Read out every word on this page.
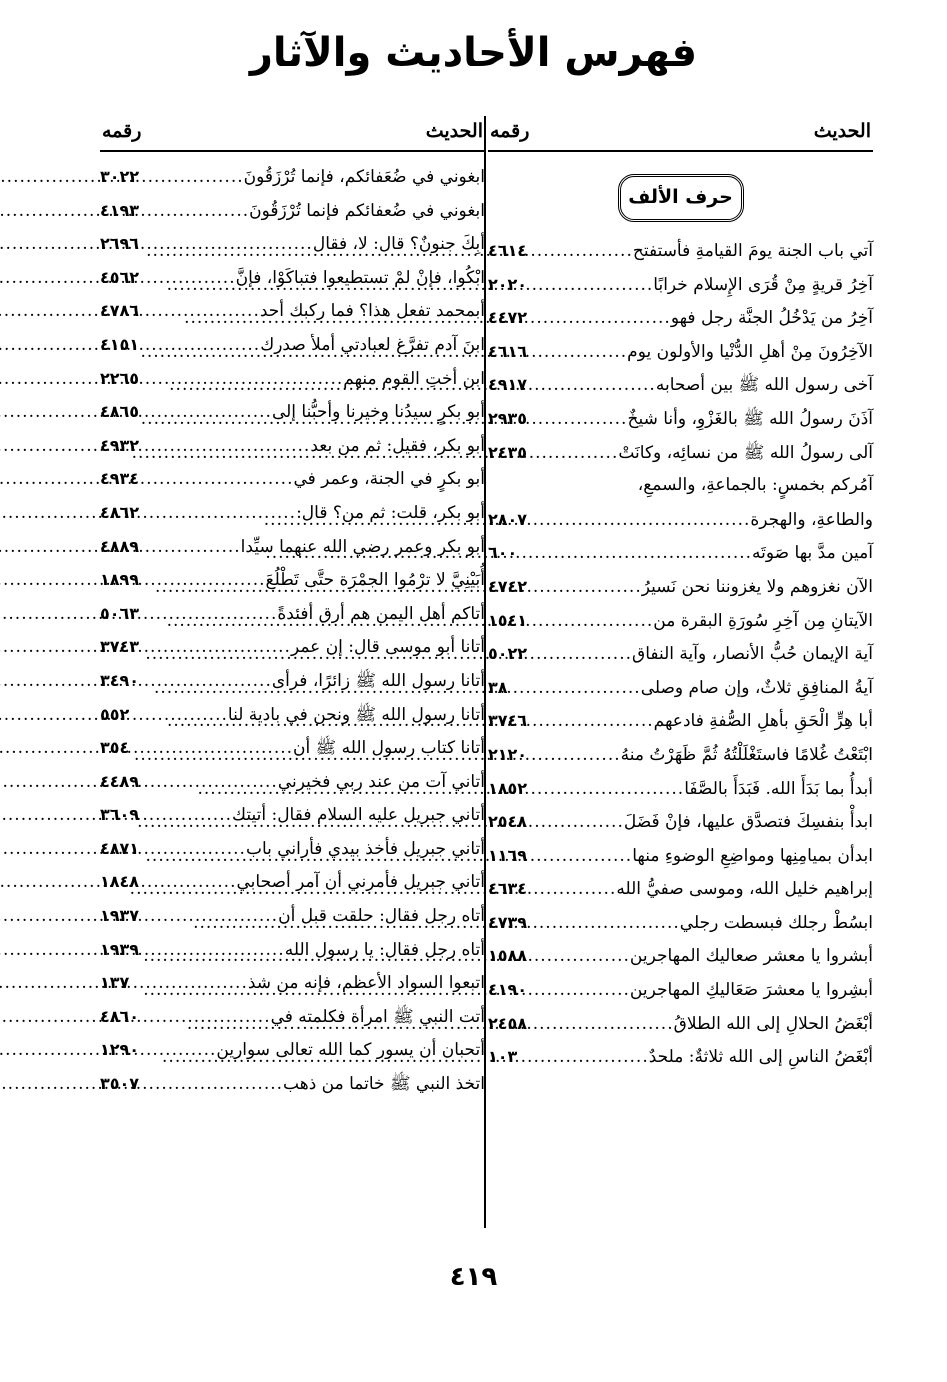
فهرس الأحاديث والآثار
الحديث
رقمه
حرف الألف
آتي باب الجنة يومَ القيامةِ فأستفتح
.....
٤٦١٤
آخِرُ قريةٍ مِنْ قُرَى الإِسلام خرابًا
.....
٢٠٢٠
آخِرُ من يَدْخُلُ الجنَّة رجل فهو
.....
٤٤٧٢
الآخِرُونَ مِنْ أهلِ الدُّنْيا والأولون يوم
.....
٤٦١٦
آخى رسول الله ﷺ بين أصحابه
.....
٤٩١٧
آذَنَ رسولُ الله ﷺ بالغَزْوِ، وأنا شيخٌ
.....
٢٩٣٥
آلى رسولُ الله ﷺ من نسائِه، وكانَتْ
.....
٢٤٣٥
آمُركم بخمسٍ: بالجماعةِ، والسمعِ،
والطاعةِ، والهجرة
.....
٢٨٠٧
آمين مدَّ بها صَوتَه
.....
٦٠٠
الآن نغزوهم ولا يغزوننا نحن نَسيرُ
.....
٤٧٤٢
الآيتانِ مِن آخِرِ سُورَةِ البقرة من
.....
١٥٤١
آية الإيمان حُبُّ الأنصار، وآية النفاق
.....
٥٠٢٢
آيةُ المنافِقِ ثلاثٌ، وإن صام وصلى
.....
٣٨
أبا هِرٍّ الْحَقِ بأهلِ الصُّفةِ فادعهم
.....
٣٧٤٦
ابْتَعْتُ غُلامًا فاستَغْلَلْتُهُ ثُمَّ ظَهَرْتُ منهُ
.....
٢١٢٠
أبدأُ بما بَدَأَ الله. فَبَدَأَ بالصَّفَا
.....
١٨٥٢
ابدأْ بنفسِكَ فتصدَّق عليها، فإنْ فَضَلَ
.....
٢٥٤٨
ابدأن بميامِنِها ومواضِعِ الوضوءِ منها
.....
١١٦٩
إبراهيم خليل الله، وموسى صفيُّ الله
.....
٤٦٣٤
ابسُطْ رجلك فبسطت رجلي
.....
٤٧٣٩
أبشروا يا معشر صعاليك المهاجرين
.....
١٥٨٨
أبشِروا يا معشرَ صَعَاليكِ المهاجرين
.....
٤١٩٠
أبْغَضُ الحلالِ إلى الله الطلاقُ
.....
٢٤٥٨
أبْغَضُ الناسِ إلى الله ثلاثةٌ: ملحدٌ
.....
١٠٣
الحديث
رقمه
ابغوني في ضُعَفائكم، فإنما تُرْزَقُونَ
.....
٣٠٢٢
ابغوني في ضُعفائكم فإنما تُرْزَقُونَ
.....
٤١٩٣
أبِكَ جنونٌ؟ قال: لا، فقال
.....
٢٦٩٦
ابْكُوا، فإنْ لمْ تستطيعوا فتباكَوْا، فإنَّ
.....
٤٥٦٢
أبمحمد تفعل هذا؟ فما ركبك أحد
.....
٤٧٨٦
ابنَ آدم تفرَّغ لعبادتي أملأ صدرك
.....
٤١٥١
ابن أختِ القوم منهم
.....
٢٢٦٥
أبو بكرٍ سيدُنا وخيرنا وأحبُّنا إلى
.....
٤٨٦٥
أبو بكر، فقيل: ثم من بعد
.....
٤٩٣٢
أبو بكرٍ في الجنة، وعمر في
.....
٤٩٣٤
أبو بكر، قلت: ثم من؟ قال:
.....
٤٨٦٢
أبو بكر وعمر رضي الله عنهما سيِّدا
.....
٤٨٨٩
أُبَيْنِيَّ لا ترْمُوا الجمْرَة حتَّى تَطْلُعَ
.....
١٨٩٩
أتاكم أهل اليمن هم أرق أفئدةً
.....
٥٠٦٣
أتانا أبو موسى قال: إن عمر
.....
٣٧٤٣
أتانا رسول الله ﷺ زائرًا، فرأى
.....
٣٤٩٠
أتانا رسول الله ﷺ ونحن في بادية لنا
.....
٥٥٢
أتانا كتاب رسول الله ﷺ أن
.....
٣٥٤
أتاني آت من عند ربي فخيرني
.....
٤٤٨٩
أتاني جبريل عليه السلام فقال: أتيتك
.....
٣٦٠٩
أتاني جبريل فأخذ بيدي فأراني باب
.....
٤٨٧١
أتاني جبريل فأمرني أن آمر أصحابي
.....
١٨٤٨
أتاه رجل فقال: حلقت قبل أن
.....
١٩٣٧
أتاه رجل فقال: يا رسول الله
.....
١٩٣٩
اتبعوا السواد الأعظم، فإنه من شذ
.....
١٣٧
أتت النبي ﷺ امرأة فكلمته في
.....
٤٨٦٠
أتحبان أن يسور كما الله تعالى سوارين
.....
١٢٩٠
اتخذ النبي ﷺ خاتما من ذهب
.....
٣٥٠٧
٤١٩
